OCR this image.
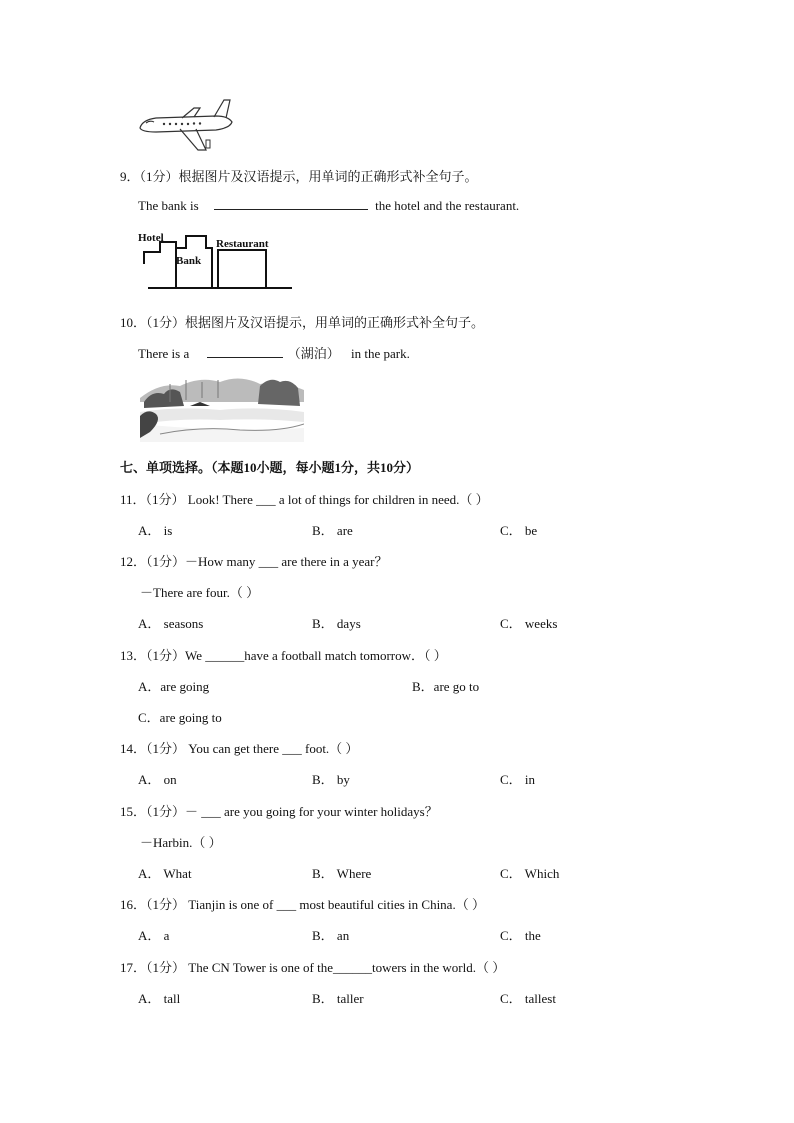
9．（1分）根据图片及汉语提示，用单词的正确形式补全句子。
The bank is	the hotel and the restaurant.
Hotel
Bank
Restaurant
10．（1分）根据图片及汉语提示，用单词的正确形式补全句子。
There is a	（湖泊） in the park.
七、单项选择。（本题10小题，每小题1分，共10分）
11．（1分） Look! There ___ a lot of things for children in need.（ ）
A． is	B． are	C． be
12．（1分）－How many ___ are there in a year？
－There are four.（ ）
A． seasons	B． days	C． weeks
13．（1分）We ______have a football match tomorrow．（ ）
A．are going	B．are go to
C．are going to
14．（1分） You can get there ___ foot.（ ）
A． on	B． by	C． in
15．（1分）－ ___ are you going for your winter holidays？
－Harbin.（ ）
A． What	B． Where	C． Which
16．（1分） Tianjin is one of ___ most beautiful cities in China.（ ）
A． a	B． an	C． the
17．（1分） The CN Tower is one of the______towers in the world.（ ）
A． tall	B． taller	C． tallest
